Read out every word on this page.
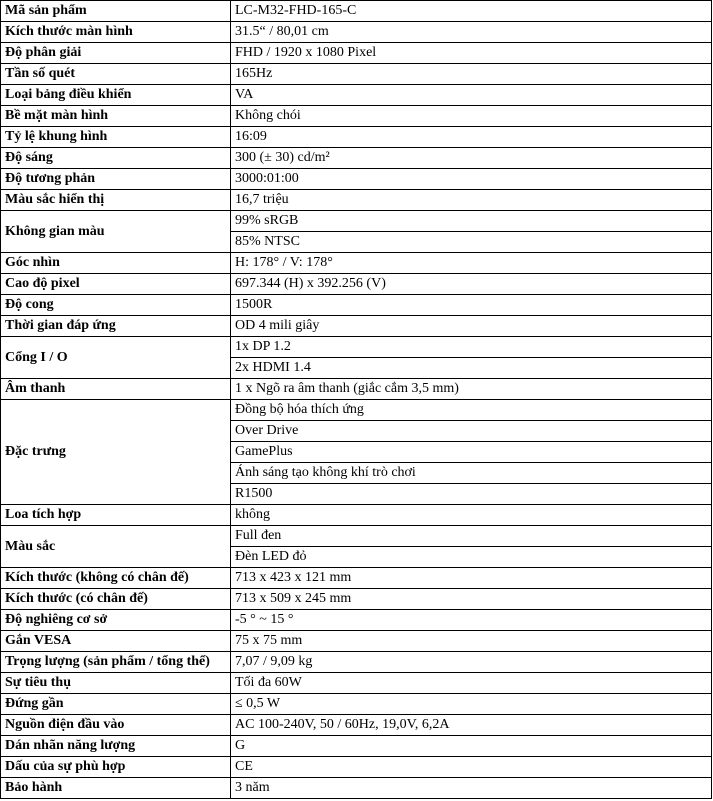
Mã sản phẩm	LC-M32-FHD-165-C
Kích thước màn hình	31.5“ / 80,01 cm
Độ phân giải	FHD / 1920 x 1080 Pixel
Tần số quét	165Hz
Loại bảng điều khiển	VA
Bề mặt màn hình	Không chói
Tỷ lệ khung hình	16:09
Độ sáng	300 (± 30) cd/m²
Độ tương phản	3000:01:00
Màu sắc hiển thị	16,7 triệu
Không gian màu	99% sRGB
	85% NTSC
Góc nhìn	H: 178° / V: 178°
Cao độ pixel	697.344 (H) x 392.256 (V)
Độ cong	1500R
Thời gian đáp ứng	OD 4 mili giây
Cổng I / O	1x DP 1.2
	2x HDMI 1.4
Âm thanh	1 x Ngõ ra âm thanh (giắc cắm 3,5 mm)
Đặc trưng	Đồng bộ hóa thích ứng
	Over Drive
	GamePlus
	Ánh sáng tạo không khí trò chơi
	R1500
Loa tích hợp	không
Màu sắc	Full đen
	Đèn LED đỏ
Kích thước (không có chân đế)	713 x 423 x 121 mm
Kích thước (có chân đế)	713 x 509 x 245 mm
Độ nghiêng cơ sở	-5 ° ~ 15 °
Gắn VESA	75 x 75 mm
Trọng lượng (sản phẩm / tổng thể)	7,07 / 9,09 kg
Sự tiêu thụ	Tối đa 60W
Đứng gần	≤ 0,5 W
Nguồn điện đầu vào	AC 100-240V, 50 / 60Hz, 19,0V, 6,2A
Dán nhãn năng lượng	G
Dấu của sự phù hợp	CE
Bảo hành	3 năm
